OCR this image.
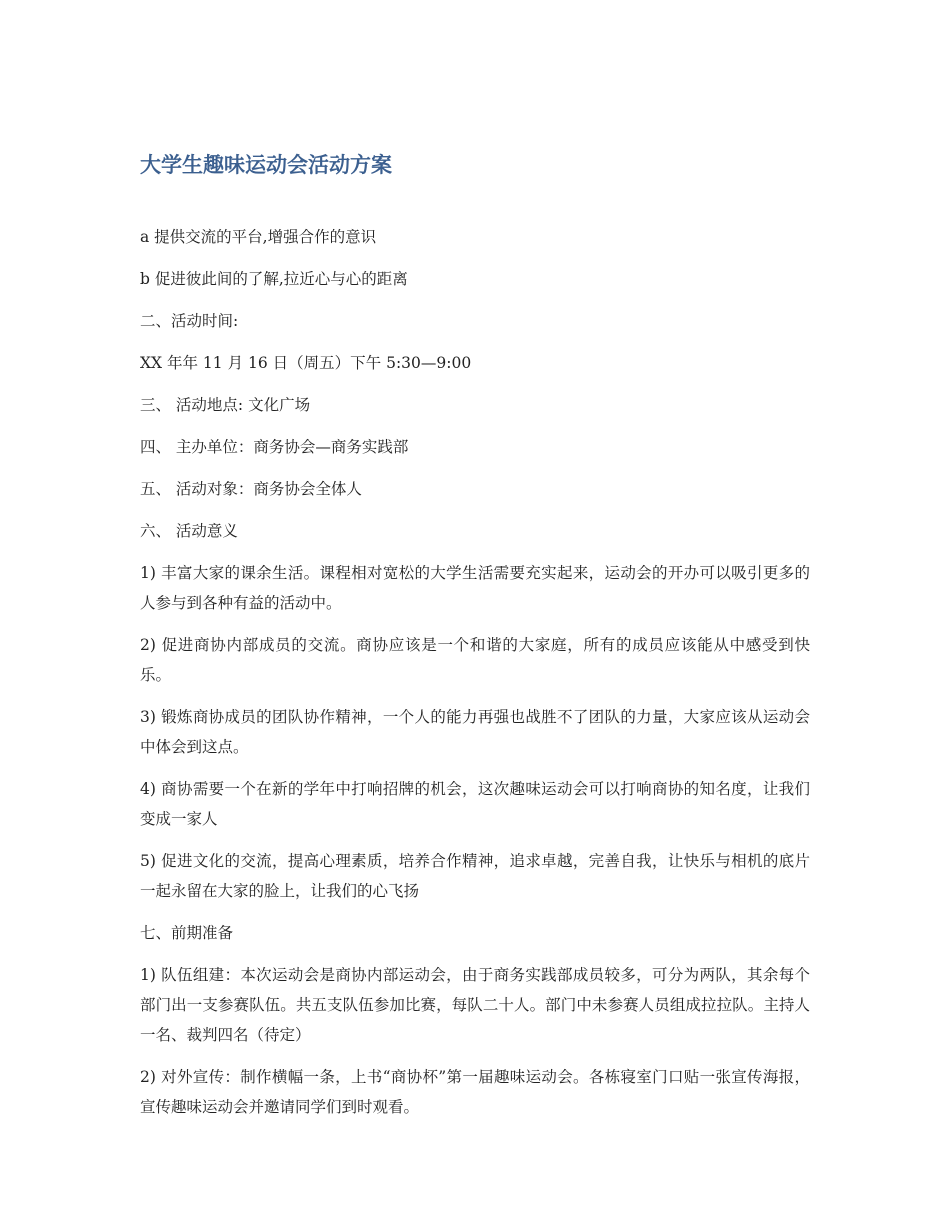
大学生趣味运动会活动方案

a 提供交流的平台,增强合作的意识

b 促进彼此间的了解,拉近心与心的距离

二、活动时间:

XX 年年 11 月 16 日（周五）下午 5:30—9:00

三、 活动地点: 文化广场

四、 主办单位：商务协会—商务实践部

五、 活动对象：商务协会全体人

六、 活动意义

1) 丰富大家的课余生活。课程相对宽松的大学生活需要充实起来，运动会的开办可以吸引更多的人参与到各种有益的活动中。

2) 促进商协内部成员的交流。商协应该是一个和谐的大家庭，所有的成员应该能从中感受到快乐。

3) 锻炼商协成员的团队协作精神，一个人的能力再强也战胜不了团队的力量，大家应该从运动会中体会到这点。

4) 商协需要一个在新的学年中打响招牌的机会，这次趣味运动会可以打响商协的知名度，让我们变成一家人

5) 促进文化的交流，提高心理素质，培养合作精神，追求卓越，完善自我，让快乐与相机的底片一起永留在大家的脸上，让我们的心飞扬

七、前期准备

1) 队伍组建：本次运动会是商协内部运动会，由于商务实践部成员较多，可分为两队，其余每个部门出一支参赛队伍。共五支队伍参加比赛，每队二十人。部门中未参赛人员组成拉拉队。主持人一名、裁判四名（待定）

2) 对外宣传：制作横幅一条，上书“商协杯”第一届趣味运动会。各栋寝室门口贴一张宣传海报，宣传趣味运动会并邀请同学们到时观看。
